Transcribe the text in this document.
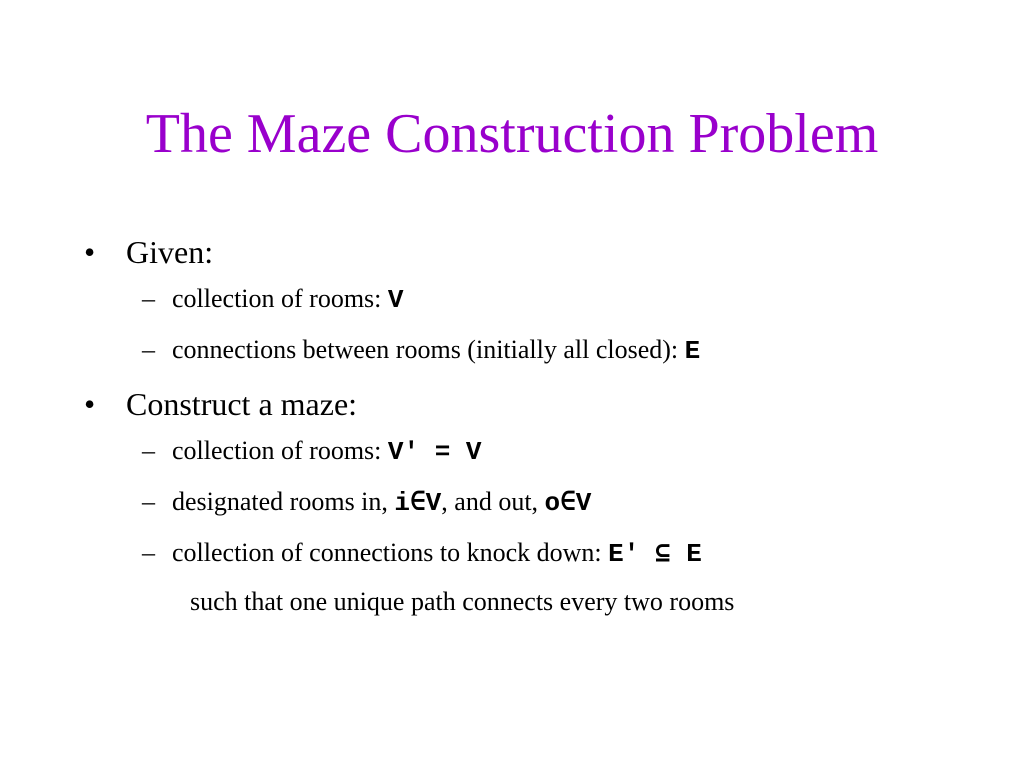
The Maze Construction Problem
• Given:
– collection of rooms: V
– connections between rooms (initially all closed): E
• Construct a maze:
– collection of rooms: V′ = V
– designated rooms in, i∈V, and out, o∈V
– collection of connections to knock down: E′ ⊆ E
such that one unique path connects every two rooms
